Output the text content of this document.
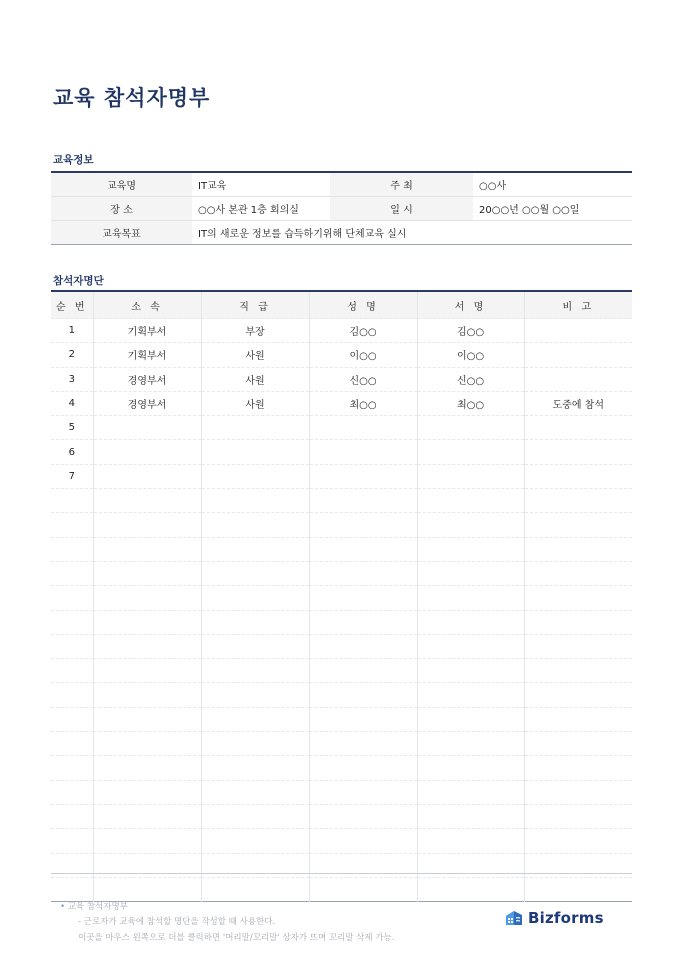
교육 참석자명부
교육정보
교육명	IT교육	주 최	○○사
장 소	○○사 본관 1층 회의실	일 시	20○○년 ○○월 ○○일
교육목표	IT의 새로운 정보를 습득하기위해 단체교육 실시		
참석자명단
순 번	소 속	직 급	성 명	서 명	비 고
1	기획부서	부장	김○○	김○○	
2	기획부서	사원	이○○	이○○	
3	경영부서	사원	신○○	신○○	
4	경영부서	사원	최○○	최○○	도중에 참석
5					
6					
7					

• 교육 참석자명부
- 근로자가 교육에 참석할 명단을 작성할 때 사용한다.
이곳을 마우스 왼쪽으로 더블 클릭하면 '머리말/꼬리말' 상자가 뜨며 꼬리말 삭제 가능.
Bizforms
